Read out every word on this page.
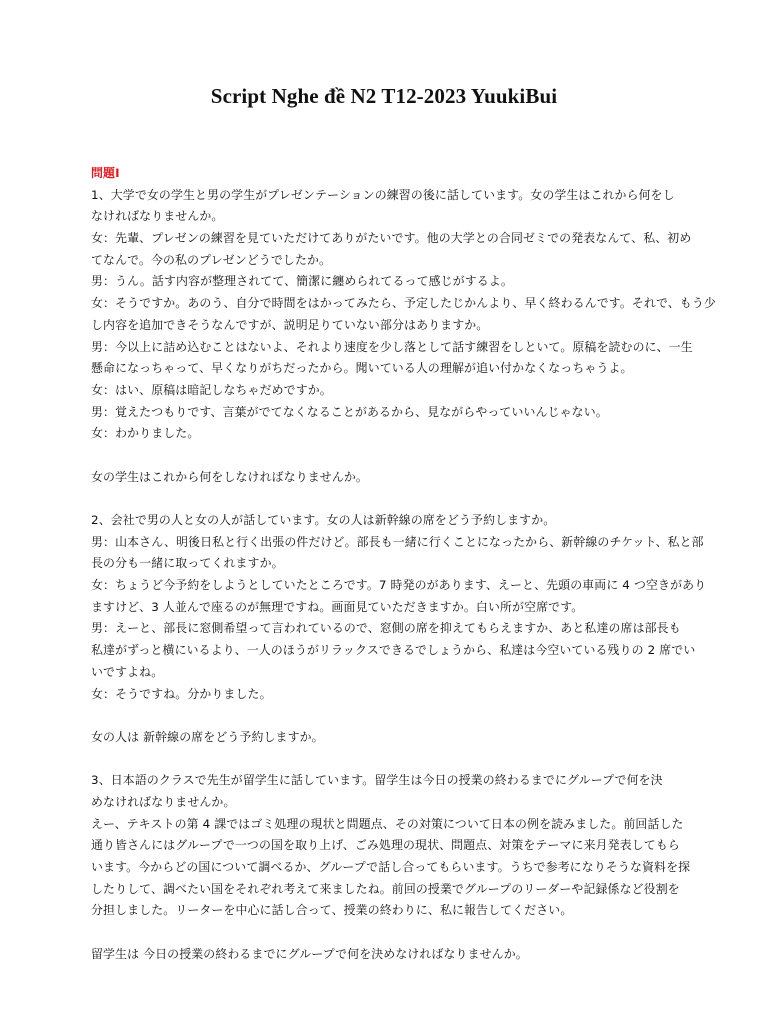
Script Nghe đề N2 T12-2023 YuukiBui
問題Ⅰ
1、大学で女の学生と男の学生がプレゼンテーションの練習の後に話しています。女の学生はこれから何をし
なければなりませんか。
女：先輩、プレゼンの練習を見ていただけてありがたいです。他の大学との合同ゼミでの発表なんて、私、初め
てなんで。今の私のプレゼンどうでしたか。
男：うん。話す内容が整理されてて、簡潔に纏められてるって感じがするよ。
女：そうですか。あのう、自分で時間をはかってみたら、予定したじかんより、早く終わるんです。それで、もう少
し内容を追加できそうなんですが、説明足りていない部分はありますか。
男：今以上に詰め込むことはないよ、それより速度を少し落として話す練習をしといて。原稿を読むのに、一生
懸命になっちゃって、早くなりがちだったから。聞いている人の理解が追い付かなくなっちゃうよ。
女：はい、原稿は暗記しなちゃだめですか。
男：覚えたつもりです、言葉がでてなくなることがあるから、見ながらやっていいんじゃない。
女：わかりました。
女の学生はこれから何をしなければなりませんか。
2、会社で男の人と女の人が話しています。女の人は新幹線の席をどう予約しますか。
男：山本さん、明後日私と行く出張の件だけど。部長も一緒に行くことになったから、新幹線のチケット、私と部
長の分も一緒に取ってくれますか。
女：ちょうど今予約をしようとしていたところです。7 時発のがあります、えーと、先頭の車両に 4 つ空きがあり
ますけど、3 人並んで座るのが無理ですね。画面見ていただきますか。白い所が空席です。
男：えーと、部長に窓側希望って言われているので、窓側の席を抑えてもらえますか、あと私達の席は部長も
私達がずっと横にいるより、一人のほうがリラックスできるでしょうから、私達は今空いている残りの 2 席でい
いですよね。
女：そうですね。分かりました。
女の人は 新幹線の席をどう予約しますか。
3、日本語のクラスで先生が留学生に話しています。留学生は今日の授業の終わるまでにグループで何を決
めなければなりませんか。
えー、テキストの第 4 課ではゴミ処理の現状と問題点、その対策について日本の例を読みました。前回話した
通り皆さんにはグループで一つの国を取り上げ、ごみ処理の現状、問題点、対策をテーマに来月発表してもら
います。今からどの国について調べるか、グループで話し合ってもらいます。うちで参考になりそうな資料を探
したりして、調べたい国をそれぞれ考えて来ましたね。前回の授業でグループのリーダーや記録係など役割を
分担しました。リーターを中心に話し合って、授業の終わりに、私に報告してください。
留学生は 今日の授業の終わるまでにグループで何を決めなければなりませんか。
